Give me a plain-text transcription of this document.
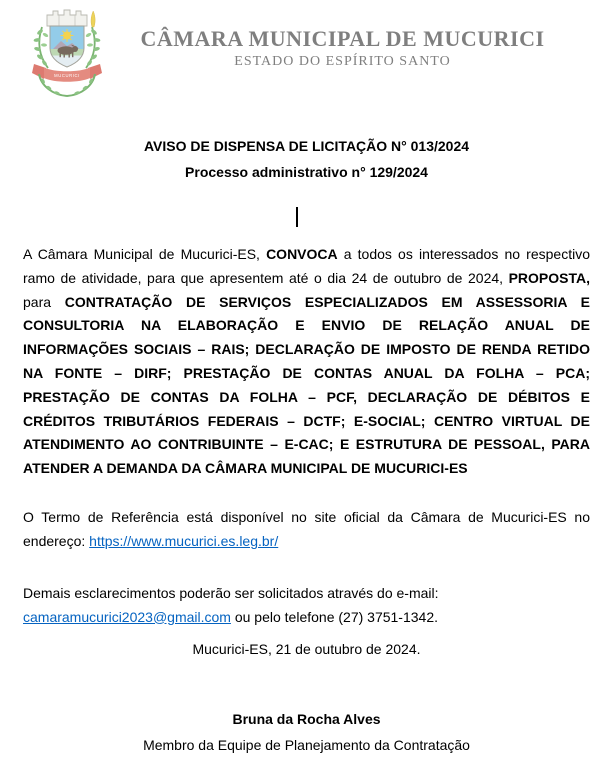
MUCURICI
CÂMARA MUNICIPAL DE MUCURICI
ESTADO DO ESPÍRITO SANTO
AVISO DE DISPENSA DE LICITAÇÃO N° 013/2024
Processo administrativo n° 129/2024

A Câmara Municipal de Mucurici-ES, CONVOCA a todos os interessados no respectivo ramo de atividade, para que apresentem até o dia 24 de outubro de 2024, PROPOSTA, para CONTRATAÇÃO DE SERVIÇOS ESPECIALIZADOS EM ASSESSORIA E CONSULTORIA NA ELABORAÇÃO E ENVIO DE RELAÇÃO ANUAL DE INFORMAÇÕES SOCIAIS – RAIS; DECLARAÇÃO DE IMPOSTO DE RENDA RETIDO NA FONTE – DIRF; PRESTAÇÃO DE CONTAS ANUAL DA FOLHA – PCA; PRESTAÇÃO DE CONTAS DA FOLHA – PCF, DECLARAÇÃO DE DÉBITOS E CRÉDITOS TRIBUTÁRIOS FEDERAIS – DCTF; E-SOCIAL; CENTRO VIRTUAL DE ATENDIMENTO AO CONTRIBUINTE – E-CAC; E ESTRUTURA DE PESSOAL, PARA ATENDER A DEMANDA DA CÂMARA MUNICIPAL DE MUCURICI-ES

O Termo de Referência está disponível no site oficial da Câmara de Mucurici-ES no endereço: https://www.mucurici.es.leg.br/

Demais esclarecimentos poderão ser solicitados através do e-mail:
camaramucurici2023@gmail.com ou pelo telefone (27) 3751-1342.

Mucurici-ES, 21 de outubro de 2024.
Bruna da Rocha Alves
Membro da Equipe de Planejamento da Contratação
